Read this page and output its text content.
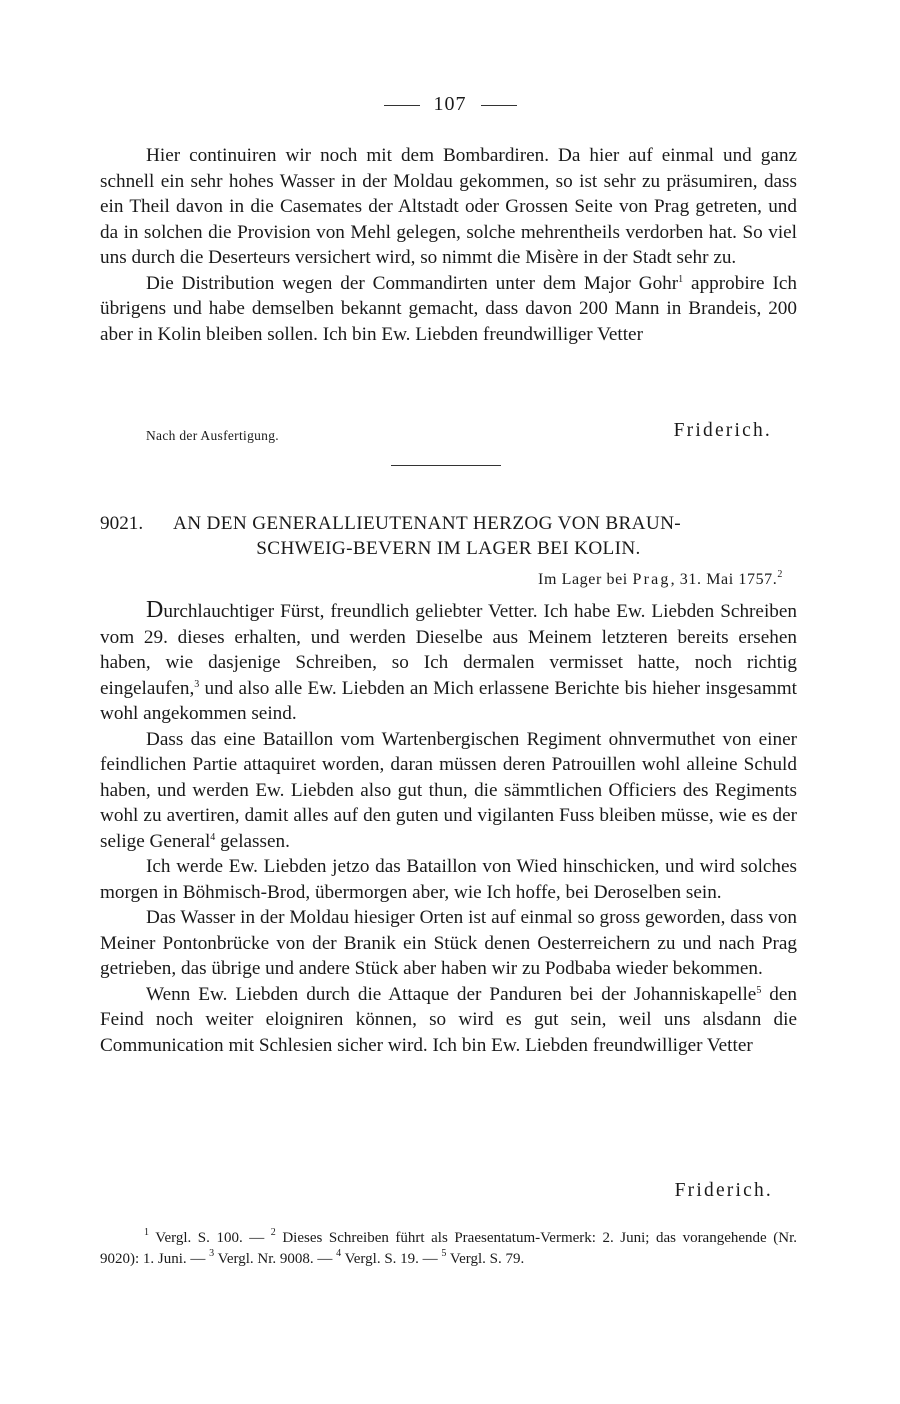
107

Hier continuiren wir noch mit dem Bombardiren. Da hier auf einmal und ganz schnell ein sehr hohes Wasser in der Moldau gekommen, so ist sehr zu präsumiren, dass ein Theil davon in die Casemates der Altstadt oder Grossen Seite von Prag getreten, und da in solchen die Provision von Mehl gelegen, solche mehrentheils verdorben hat. So viel uns durch die Deserteurs versichert wird, so nimmt die Misère in der Stadt sehr zu.

Die Distribution wegen der Commandirten unter dem Major Gohr$^1$ approbire Ich übrigens und habe demselben bekannt gemacht, dass davon 200 Mann in Brandeis, 200 aber in Kolin bleiben sollen. Ich bin Ew. Liebden freundwilliger Vetter

Nach der Ausfertigung.	Friderich.
9021. AN DEN GENERALLIEUTENANT HERZOG VON BRAUN-
SCHWEIG-BEVERN IM LAGER BEI KOLIN.
Im Lager bei Prag, 31. Mai 1757.$^2$

Durchlauchtiger Fürst, freundlich geliebter Vetter. Ich habe Ew. Liebden Schreiben vom 29. dieses erhalten, und werden Dieselbe aus Meinem letzteren bereits ersehen haben, wie dasjenige Schreiben, so Ich dermalen vermisset hatte, noch richtig eingelaufen,$^3$ und also alle Ew. Liebden an Mich erlassene Berichte bis hieher insgesammt wohl angekommen seind.

Dass das eine Bataillon vom Wartenbergischen Regiment ohnvermuthet von einer feindlichen Partie attaquiret worden, daran müssen deren Patrouillen wohl alleine Schuld haben, und werden Ew. Liebden also gut thun, die sämmtlichen Officiers des Regiments wohl zu avertiren, damit alles auf den guten und vigilanten Fuss bleiben müsse, wie es der selige General$^4$ gelassen.

Ich werde Ew. Liebden jetzo das Bataillon von Wied hinschicken, und wird solches morgen in Böhmisch-Brod, übermorgen aber, wie Ich hoffe, bei Deroselben sein.

Das Wasser in der Moldau hiesiger Orten ist auf einmal so gross geworden, dass von Meiner Pontonbrücke von der Branik ein Stück denen Oesterreichern zu und nach Prag getrieben, das übrige und andere Stück aber haben wir zu Podbaba wieder bekommen.

Wenn Ew. Liebden durch die Attaque der Panduren bei der Johanniskapelle$^5$ den Feind noch weiter eloigniren können, so wird es gut sein, weil uns alsdann die Communication mit Schlesien sicher wird. Ich bin Ew. Liebden freundwilliger Vetter

Friderich.

$^1$ Vergl. S. 100. — $^2$ Dieses Schreiben führt als Praesentatum-Vermerk: 2. Juni; das vorangehende (Nr. 9020): 1. Juni. — $^3$ Vergl. Nr. 9008. — $^4$ Vergl. S. 19. — $^5$ Vergl. S. 79.
